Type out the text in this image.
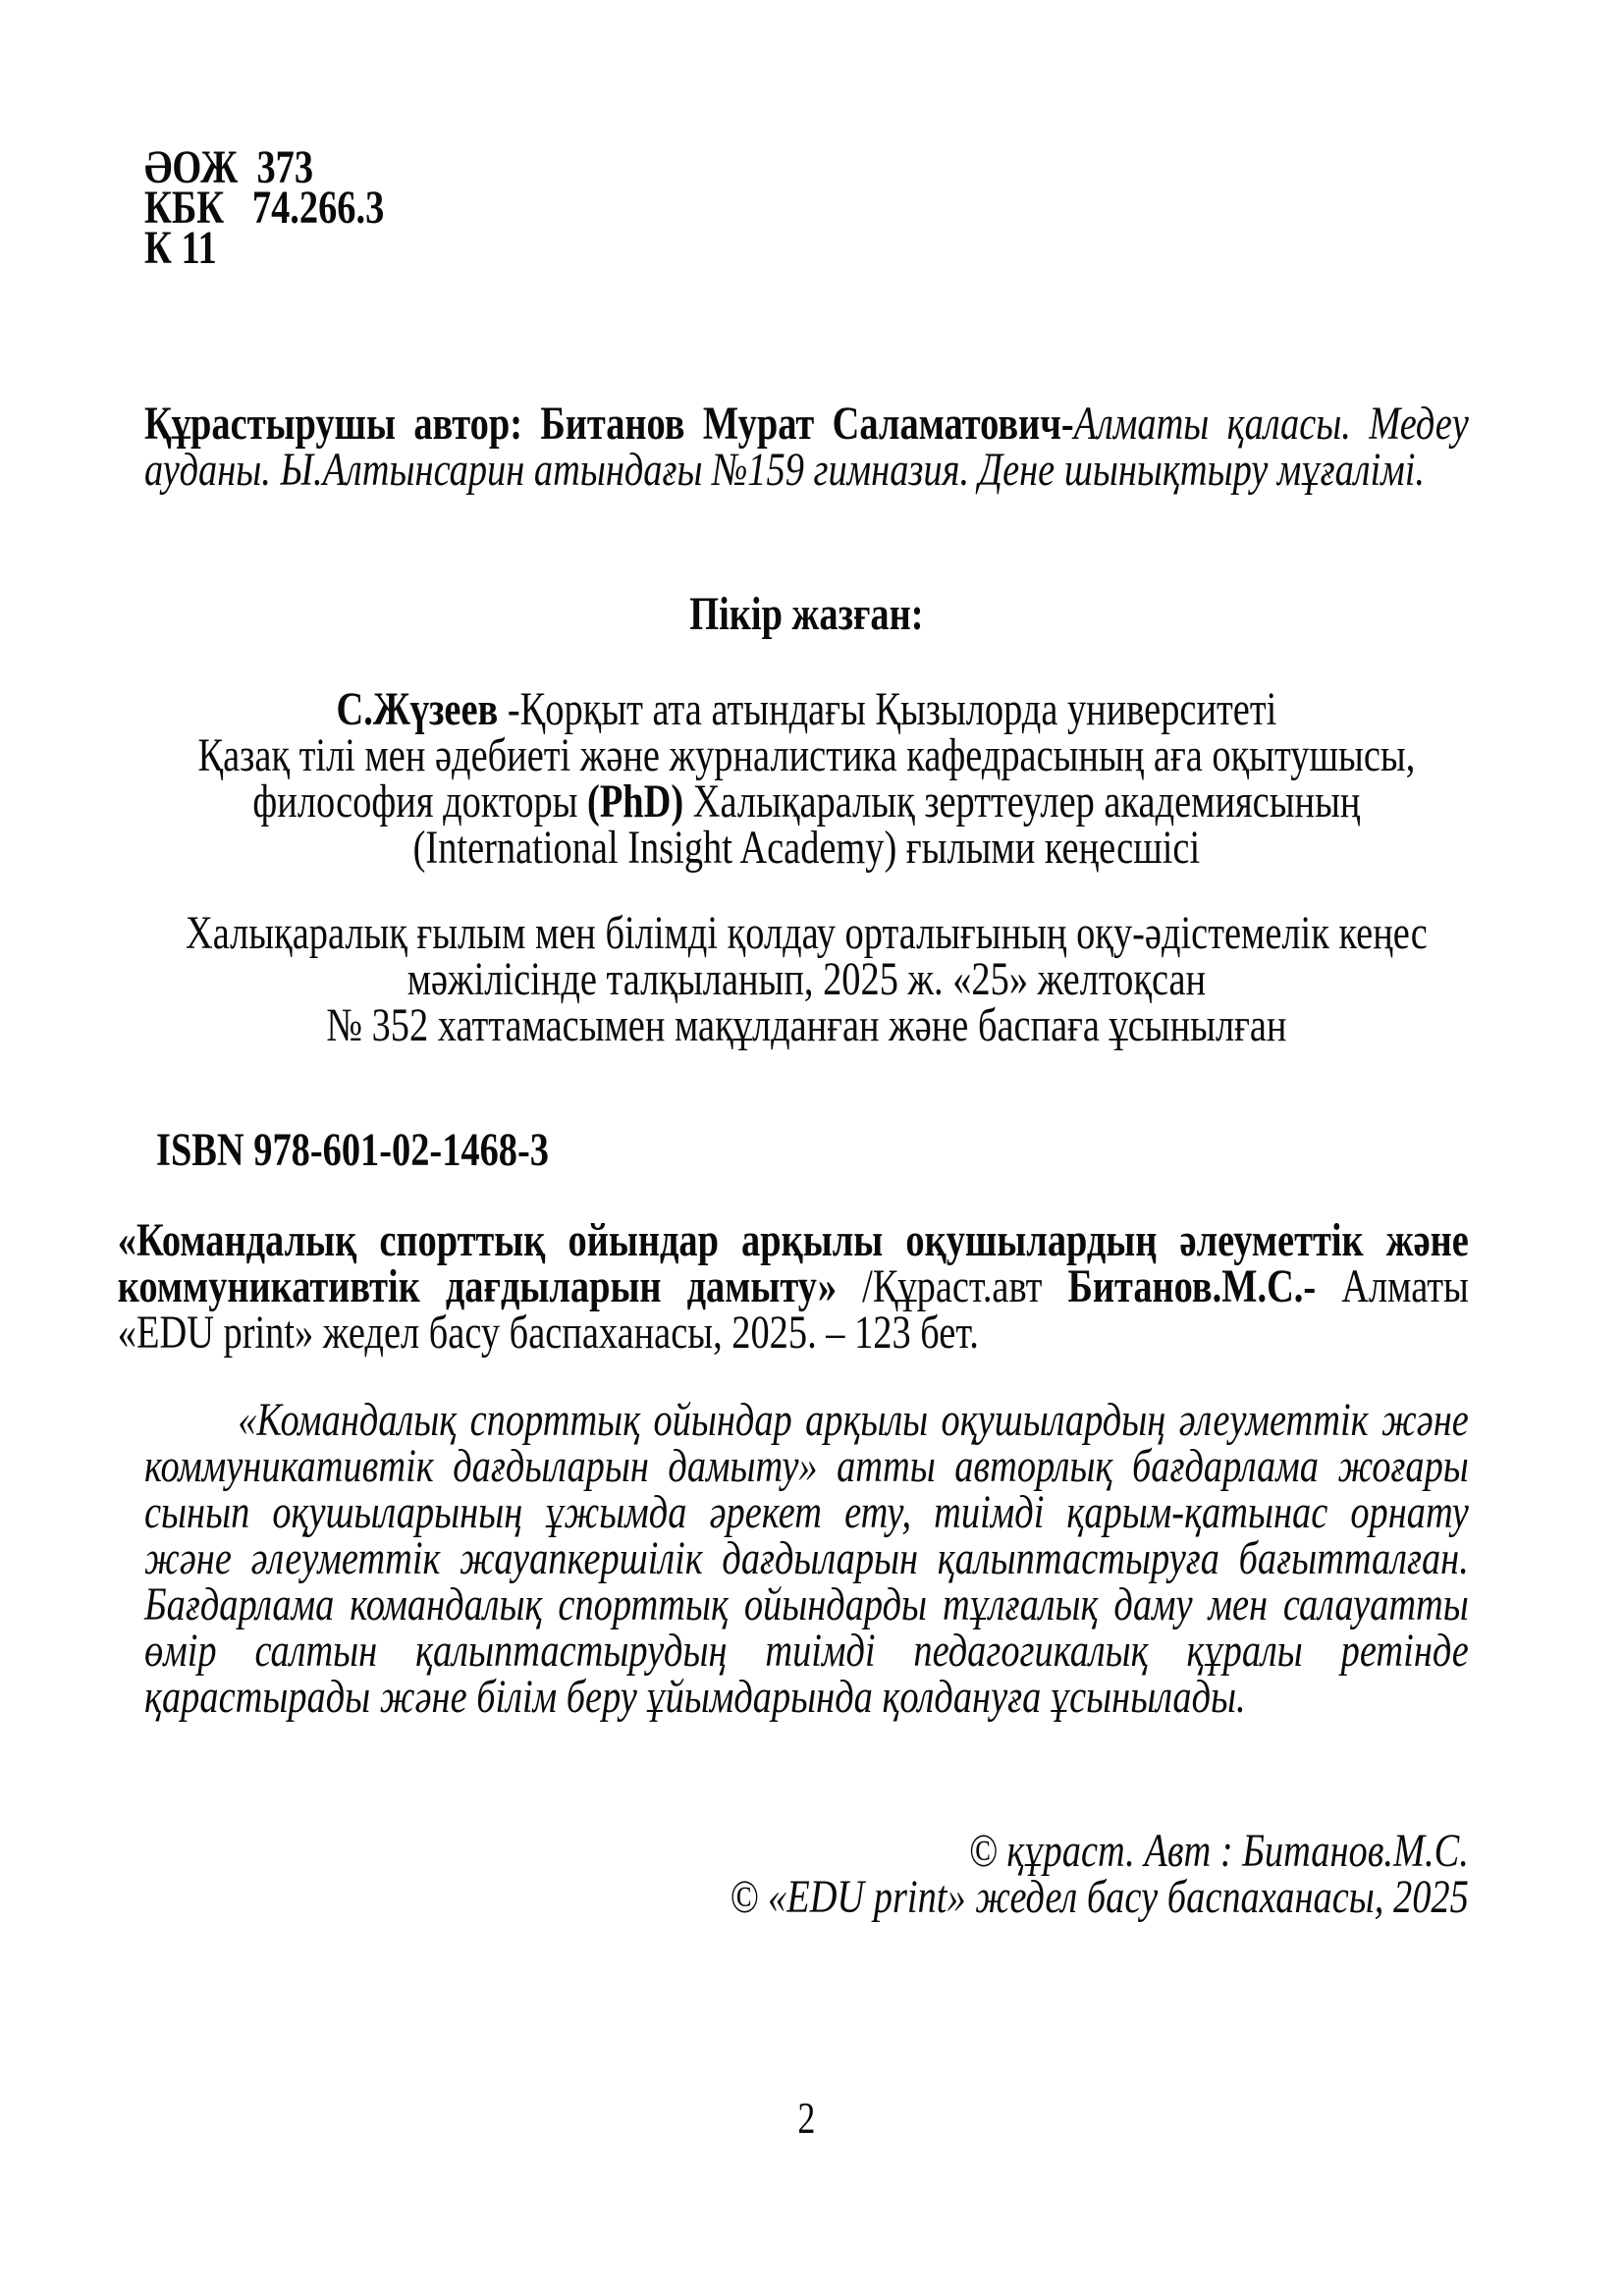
ӘОЖ  373
КБК   74.266.3
К 11

Құрастырушы автор: Битанов Мурат Саламатович-Алматы қаласы. Медеу ауданы. Ы.Алтынсарин атындағы №159 гимназия. Дене шынықтыру мұғалімі.

Пікір жазған:

С.Жүзеев -Қорқыт ата атындағы Қызылорда университеті
Қазақ тілі мен әдебиеті және журналистика кафедрасының аға оқытушысы,
философия докторы (PhD) Халықаралық зерттеулер академиясының
(International Insight Academy) ғылыми кеңесшісі
Халықаралық ғылым мен білімді қолдау орталығының оқу-әдістемелік кеңес
мәжілісінде талқыланып, 2025 ж. «25» желтоқсан
№ 352 хаттамасымен мақұлданған және баспаға ұсынылған

ISBN 978-601-02-1468-3

«Командалық спорттық ойындар арқылы оқушылардың әлеуметтік және коммуникативтік дағдыларын дамыту» /Құраст.авт Битанов.М.С.- Алматы «EDU print» жедел басу баспаханасы, 2025. – 123 бет.

«Командалық спорттық ойындар арқылы оқушылардың әлеуметтік және коммуникативтік дағдыларын дамыту» атты авторлық бағдарлама жоғары сынып оқушыларының ұжымда әрекет ету, тиімді қарым-қатынас орнату және әлеуметтік жауапкершілік дағдыларын қалыптастыруға бағытталған. Бағдарлама командалық спорттық ойындарды тұлғалық даму мен салауатты өмір салтын қалыптастырудың тиімді педагогикалық құралы ретінде қарастырады және білім беру ұйымдарында қолдануға ұсынылады.

© құраст. Авт : Битанов.М.С.
© «EDU print» жедел басу баспаханасы, 2025
2
